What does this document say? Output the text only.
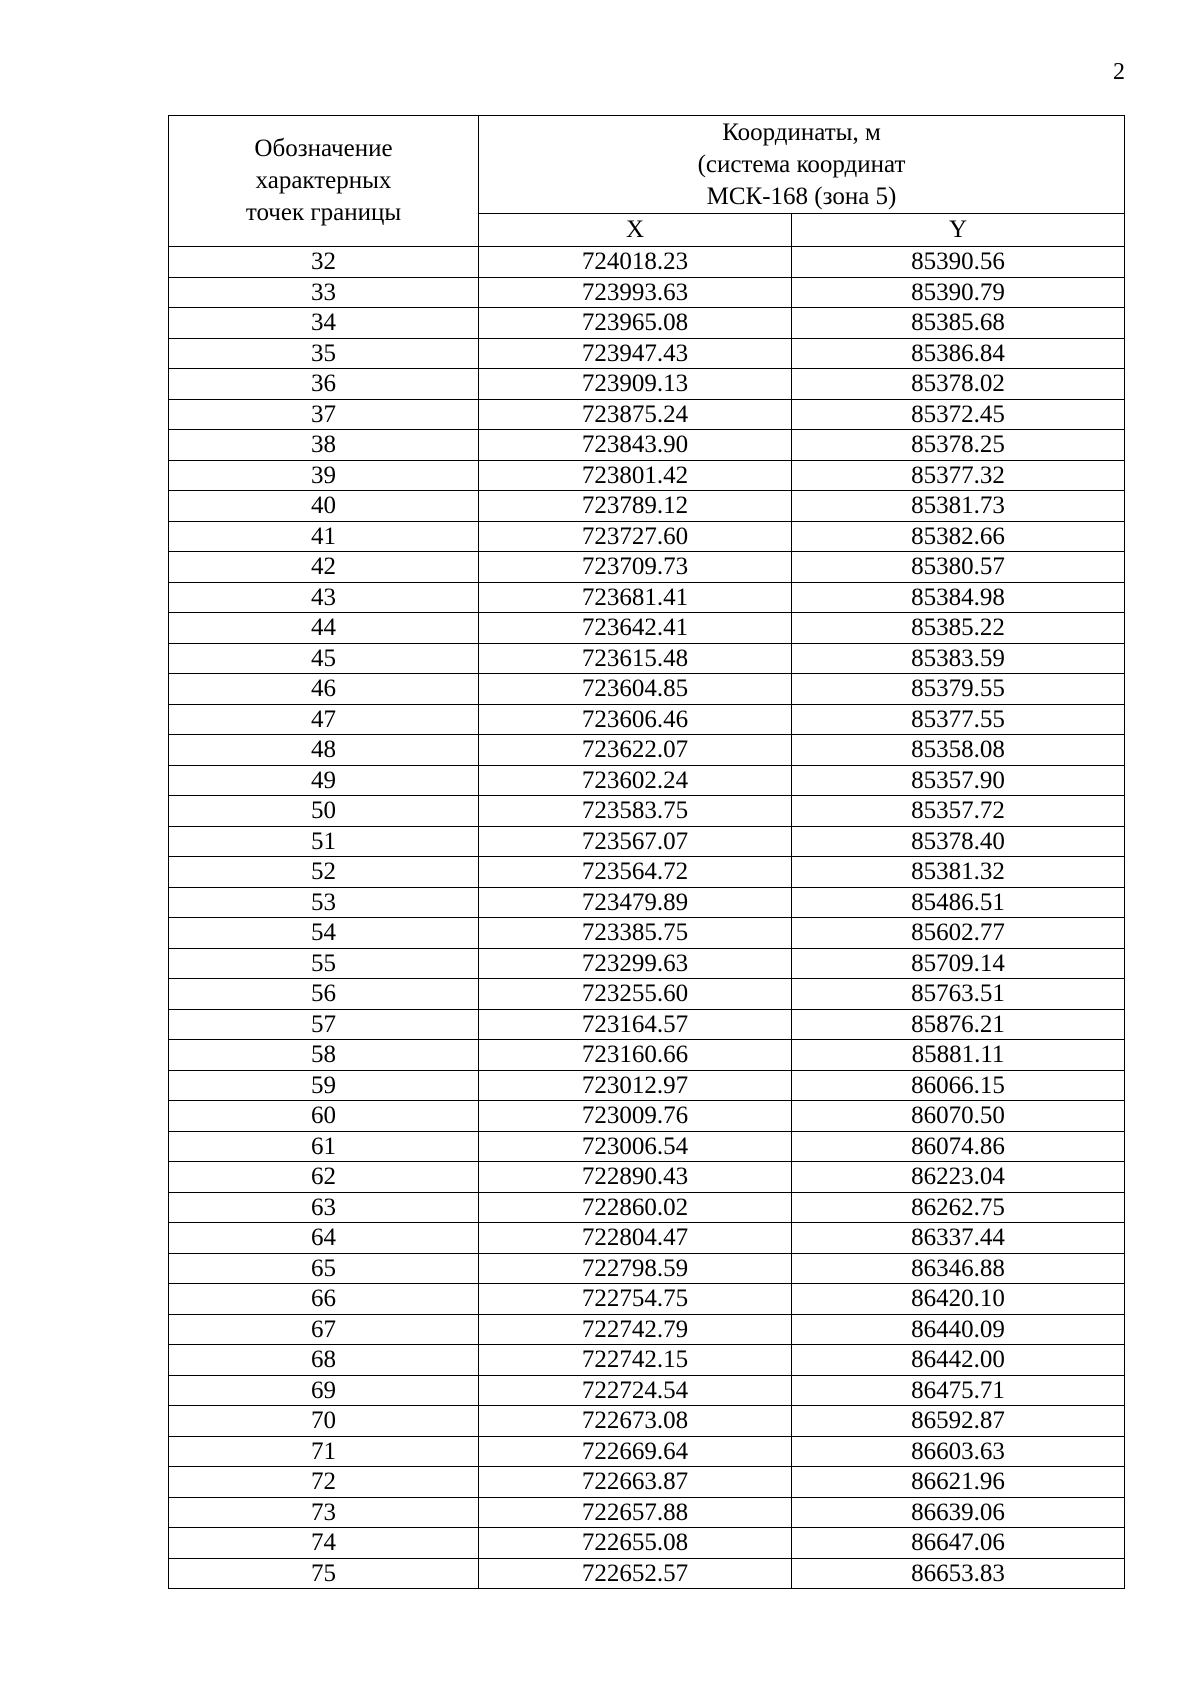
2
Обозначение
характерных
точек границы	Координаты, м
(система координат
МСК-168 (зона 5)	

	X	Y
32	724018.23	85390.56
33	723993.63	85390.79
34	723965.08	85385.68
35	723947.43	85386.84
36	723909.13	85378.02
37	723875.24	85372.45
38	723843.90	85378.25
39	723801.42	85377.32
40	723789.12	85381.73
41	723727.60	85382.66
42	723709.73	85380.57
43	723681.41	85384.98
44	723642.41	85385.22
45	723615.48	85383.59
46	723604.85	85379.55
47	723606.46	85377.55
48	723622.07	85358.08
49	723602.24	85357.90
50	723583.75	85357.72
51	723567.07	85378.40
52	723564.72	85381.32
53	723479.89	85486.51
54	723385.75	85602.77
55	723299.63	85709.14
56	723255.60	85763.51
57	723164.57	85876.21
58	723160.66	85881.11
59	723012.97	86066.15
60	723009.76	86070.50
61	723006.54	86074.86
62	722890.43	86223.04
63	722860.02	86262.75
64	722804.47	86337.44
65	722798.59	86346.88
66	722754.75	86420.10
67	722742.79	86440.09
68	722742.15	86442.00
69	722724.54	86475.71
70	722673.08	86592.87
71	722669.64	86603.63
72	722663.87	86621.96
73	722657.88	86639.06
74	722655.08	86647.06
75	722652.57	86653.83
